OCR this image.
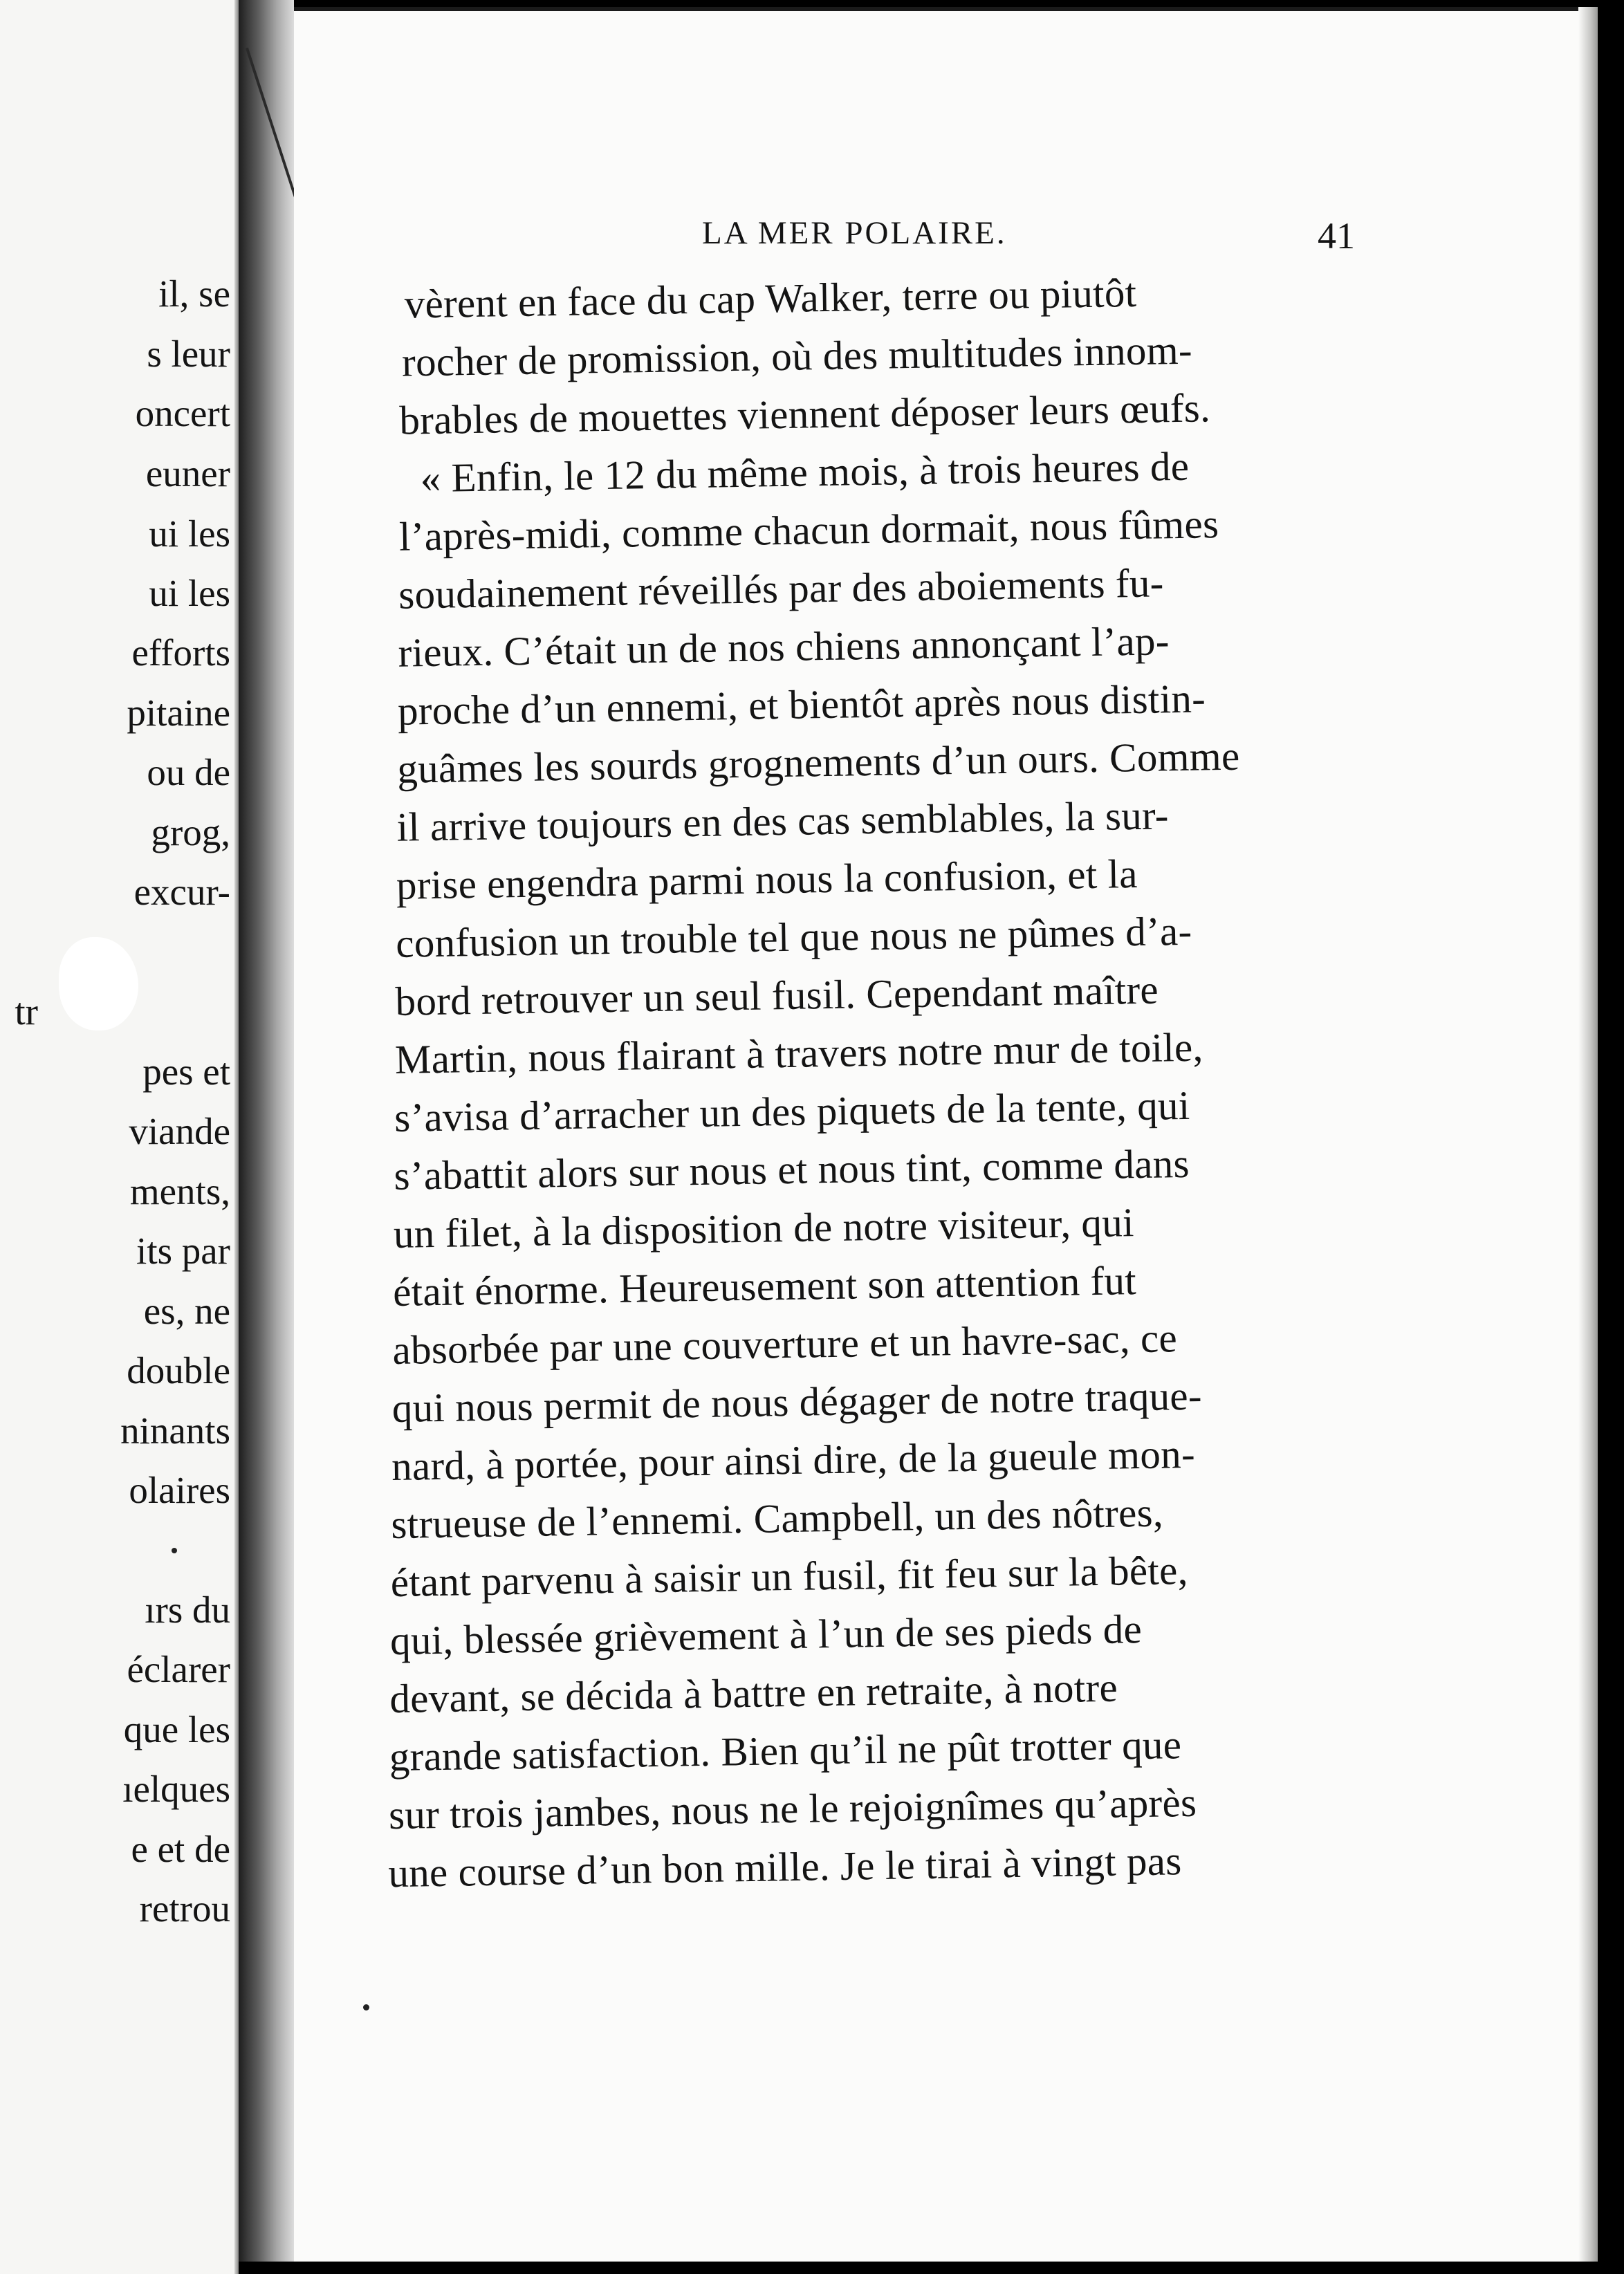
il, se
s leur
oncert
euner
ui les
ui les
efforts
pitaine
ou de
grog,
excur-
tr
pes et
viande
ments,
its par
es, ne
double
ninants
olaires
ırs du
éclarer
que les
ıelques
e et de
retrou
LA MER POLAIRE.	41
vèrent en face du cap Walker, terre ou piutôt
rocher de promission, où des multitudes innom-
brables de mouettes viennent déposer leurs œufs.
« Enfin, le 12 du même mois, à trois heures de
l’après-midi, comme chacun dormait, nous fûmes
soudainement réveillés par des aboiements fu-
rieux. C’était un de nos chiens annonçant l’ap-
proche d’un ennemi, et bientôt après nous distin-
guâmes les sourds grognements d’un ours. Comme
il arrive toujours en des cas semblables, la sur-
prise engendra parmi nous la confusion, et la
confusion un trouble tel que nous ne pûmes d’a-
bord retrouver un seul fusil. Cependant maître
Martin, nous flairant à travers notre mur de toile,
s’avisa d’arracher un des piquets de la tente, qui
s’abattit alors sur nous et nous tint, comme dans
un filet, à la disposition de notre visiteur, qui
était énorme. Heureusement son attention fut
absorbée par une couverture et un havre-sac, ce
qui nous permit de nous dégager de notre traque-
nard, à portée, pour ainsi dire, de la gueule mon-
strueuse de l’ennemi. Campbell, un des nôtres,
étant parvenu à saisir un fusil, fit feu sur la bête,
qui, blessée grièvement à l’un de ses pieds de
devant, se décida à battre en retraite, à notre
grande satisfaction. Bien qu’il ne pût trotter que
sur trois jambes, nous ne le rejoignîmes qu’après
une course d’un bon mille. Je le tirai à vingt pas
